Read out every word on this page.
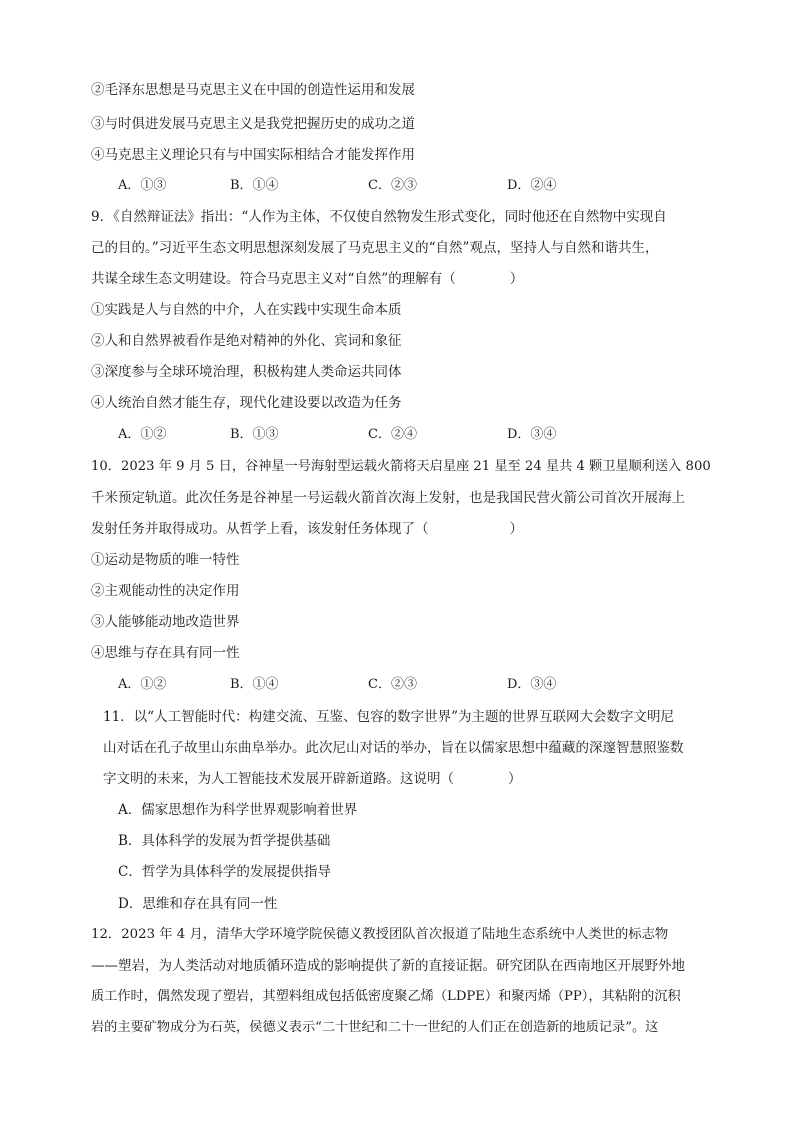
②毛泽东思想是马克思主义在中国的创造性运用和发展
③与时俱进发展马克思主义是我党把握历史的成功之道
④马克思主义理论只有与中国实际相结合才能发挥作用
A．①③	B．①④	C．②③	D．②④
9．《自然辩证法》指出：“人作为主体，不仅使自然物发生形式变化，同时他还在自然物中实现自
己的目的。”习近平生态文明思想深刻发展了马克思主义的“自然”观点，坚持人与自然和谐共生，
共谋全球生态文明建设。符合马克思主义对“自然”的理解有（　　　　）
①实践是人与自然的中介，人在实践中实现生命本质
②人和自然界被看作是绝对精神的外化、宾词和象征
③深度参与全球环境治理，积极构建人类命运共同体
④人统治自然才能生存，现代化建设要以改造为任务
A．①②	B．①③	C．②④	D．③④
10．2023 年 9 月 5 日，谷神星一号海射型运载火箭将天启星座 21 星至 24 星共 4 颗卫星顺利送入 800
千米预定轨道。此次任务是谷神星一号运载火箭首次海上发射，也是我国民营火箭公司首次开展海上
发射任务并取得成功。从哲学上看，该发射任务体现了（　　　　　　）
①运动是物质的唯一特性
②主观能动性的决定作用
③人能够能动地改造世界
④思维与存在具有同一性
A．①②	B．①④	C．②③	D．③④
11．以“人工智能时代：构建交流、互鉴、包容的数字世界”为主题的世界互联网大会数字文明尼
山对话在孔子故里山东曲阜举办。此次尼山对话的举办，旨在以儒家思想中蕴藏的深邃智慧照鉴数
字文明的未来，为人工智能技术发展开辟新道路。这说明（　　　　）
A．儒家思想作为科学世界观影响着世界
B．具体科学的发展为哲学提供基础
C．哲学为具体科学的发展提供指导
D．思维和存在具有同一性
12．2023 年 4 月，清华大学环境学院侯德义教授团队首次报道了陆地生态系统中人类世的标志物
——塑岩，为人类活动对地质循环造成的影响提供了新的直接证据。研究团队在西南地区开展野外地
质工作时，偶然发现了塑岩，其塑料组成包括低密度聚乙烯（LDPE）和聚丙烯（PP），其粘附的沉积
岩的主要矿物成分为石英，侯德义表示“二十世纪和二十一世纪的人们正在创造新的地质记录”。这
